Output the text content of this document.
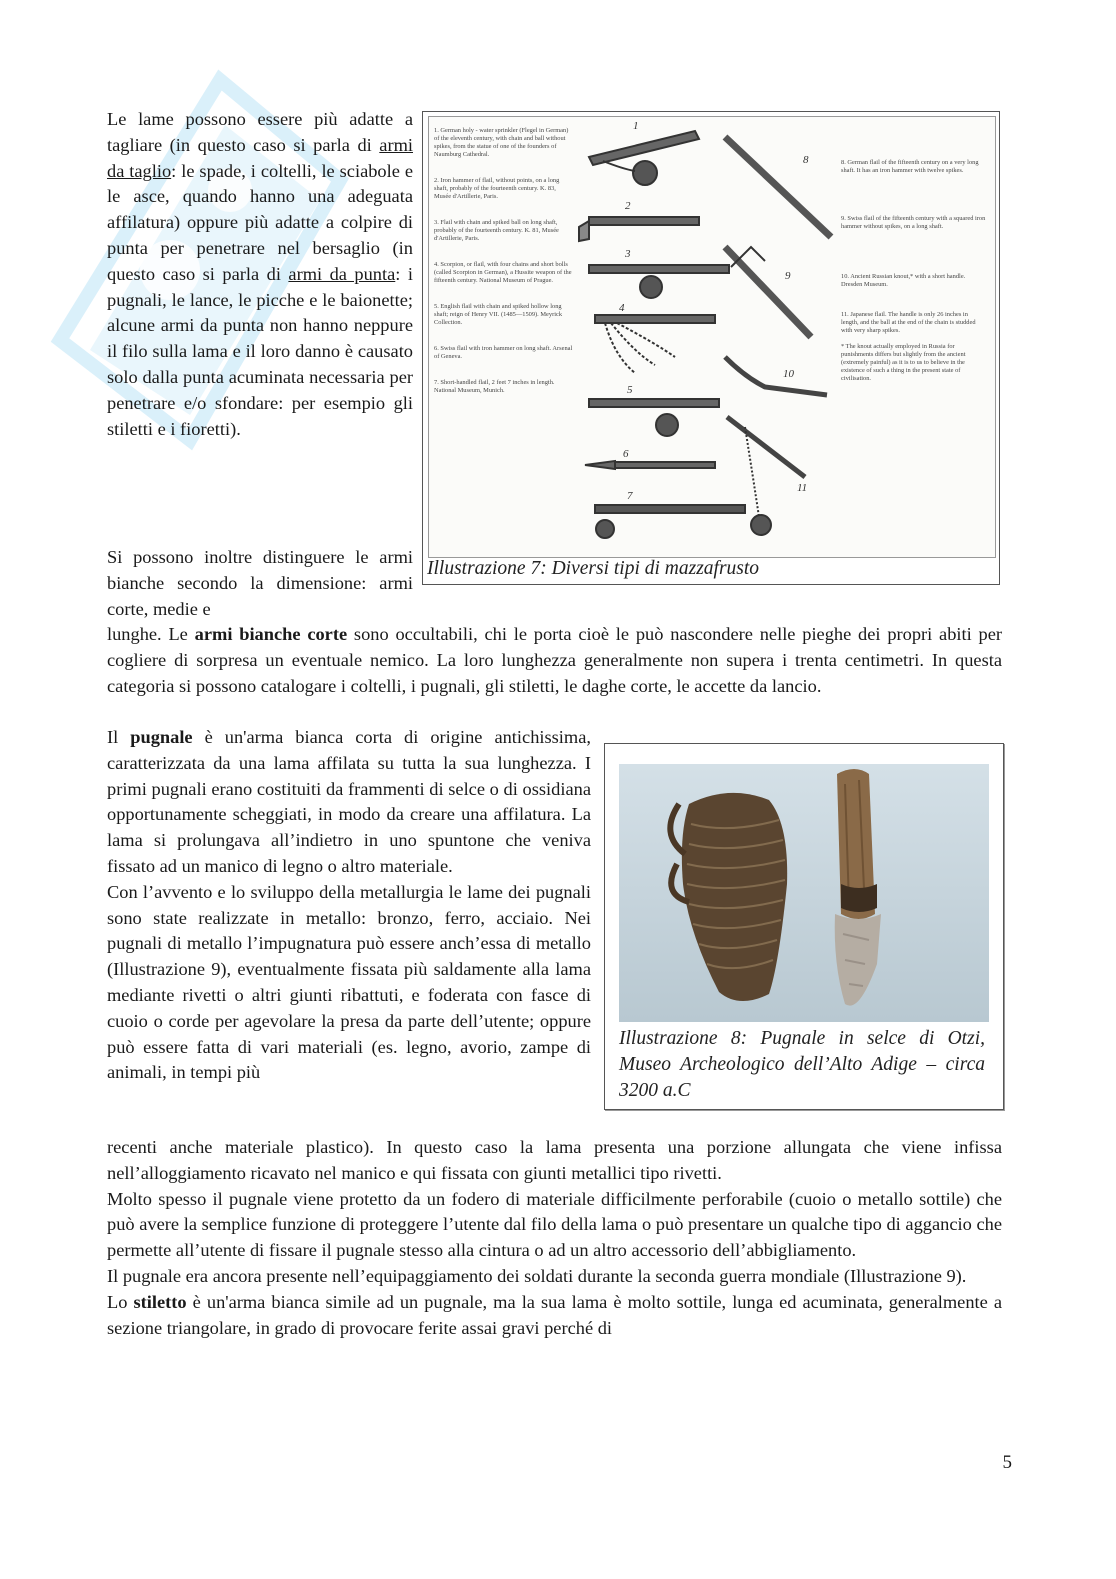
Le lame possono essere più adatte a tagliare (in questo caso si parla di armi da taglio: le spade, i coltelli, le sciabole e le asce, quando hanno una adeguata affilatura) oppure più adatte a colpire di punta per penetrare nel bersaglio (in questo caso si parla di armi da punta: i pugnali, le lance, le picche e le baionette; alcune armi da punta non hanno neppure il filo sulla lama e il loro danno è causato solo dalla punta acuminata necessaria per penetrare e/o sfondare: per esempio gli stiletti e i fioretti).

Si possono inoltre distinguere le armi bianche secondo la dimensione: armi corte, medie e

1. German holy - water sprinkler (Flegel in German) of the eleventh century, with chain and ball without spikes, from the statue of one of the founders of Naumburg Cathedral.
2. Iron hammer of flail, without points, on a long shaft, probably of the fourteenth century. K. 83, Musée d'Artillerie, Paris.
3. Flail with chain and spiked ball on long shaft, probably of the fourteenth century. K. 81, Musée d'Artillerie, Paris.
4. Scorpion, or flail, with four chains and short bolls (called Scorpion in German), a Hussite weapon of the fifteenth century. National Museum of Prague.
5. English flail with chain and spiked hollow long shaft; reign of Henry VII. (1485—1509). Meyrick Collection.
6. Swiss flail with iron hammer on long shaft. Arsenal of Geneva.
7. Short-handled flail, 2 feet 7 inches in length. National Museum, Munich.
8. German flail of the fifteenth century on a very long shaft. It has an iron hammer with twelve spikes.
9. Swiss flail of the fifteenth century with a squared iron hammer without spikes, on a long shaft.
10. Ancient Russian knout,* with a short handle. Dresden Museum.
11. Japanese flail. The handle is only 26 inches in length, and the ball at the end of the chain is studded with very sharp spikes.
* The knout actually employed in Russia for punishments differs but slightly from the ancient (extremely painful) as it is to us to believe in the existence of such a thing in the present state of civilisation.
1
2
3
4
5
6
7
8
9
10
11
Illustrazione 7: Diversi tipi di mazzafrusto

lunghe. Le armi bianche corte sono occultabili, chi le porta cioè le può nascondere nelle pieghe dei propri abiti per cogliere di sorpresa un eventuale nemico. La loro lunghezza generalmente non supera i trenta centimetri. In questa categoria si possono catalogare i coltelli, i pugnali, gli stiletti, le daghe corte, le accette da lancio.

Il pugnale è un'arma bianca corta di origine antichissima, caratterizzata da una lama affilata su tutta la sua lunghezza. I primi pugnali erano costituiti da frammenti di selce o di ossidiana opportunamente scheggiati, in modo da creare una affilatura. La lama si prolungava all’indietro in uno spuntone che veniva fissato ad un manico di legno o altro materiale.

Con l’avvento e lo sviluppo della metallurgia le lame dei pugnali sono state realizzate in metallo: bronzo, ferro, acciaio. Nei pugnali di metallo l’impugnatura può essere anch’essa di metallo (Illustrazione 9), eventualmente fissata più saldamente alla lama mediante rivetti o altri giunti ribattuti, e foderata con fasce di cuoio o corde per agevolare la presa da parte dell’utente; oppure può essere fatta di vari materiali (es. legno, avorio, zampe di animali, in tempi più

Illustrazione 8: Pugnale in selce di Otzi, Museo Archeologico dell’Alto Adige – circa 3200 a.C

recenti anche materiale plastico). In questo caso la lama presenta una porzione allungata che viene infissa nell’alloggiamento ricavato nel manico e qui fissata con giunti metallici tipo rivetti.

Molto spesso il pugnale viene protetto da un fodero di materiale difficilmente perforabile (cuoio o metallo sottile) che può avere la semplice funzione di proteggere l’utente dal filo della lama o può presentare un qualche tipo di aggancio che permette all’utente di fissare il pugnale stesso alla cintura o ad un altro accessorio dell’abbigliamento.

Il pugnale era ancora presente nell’equipaggiamento dei soldati durante la seconda guerra mondiale (Illustrazione 9).

Lo stiletto è un'arma bianca simile ad un pugnale, ma la sua lama è molto sottile, lunga ed acuminata, generalmente a sezione triangolare, in grado di provocare ferite assai gravi perché di

5
